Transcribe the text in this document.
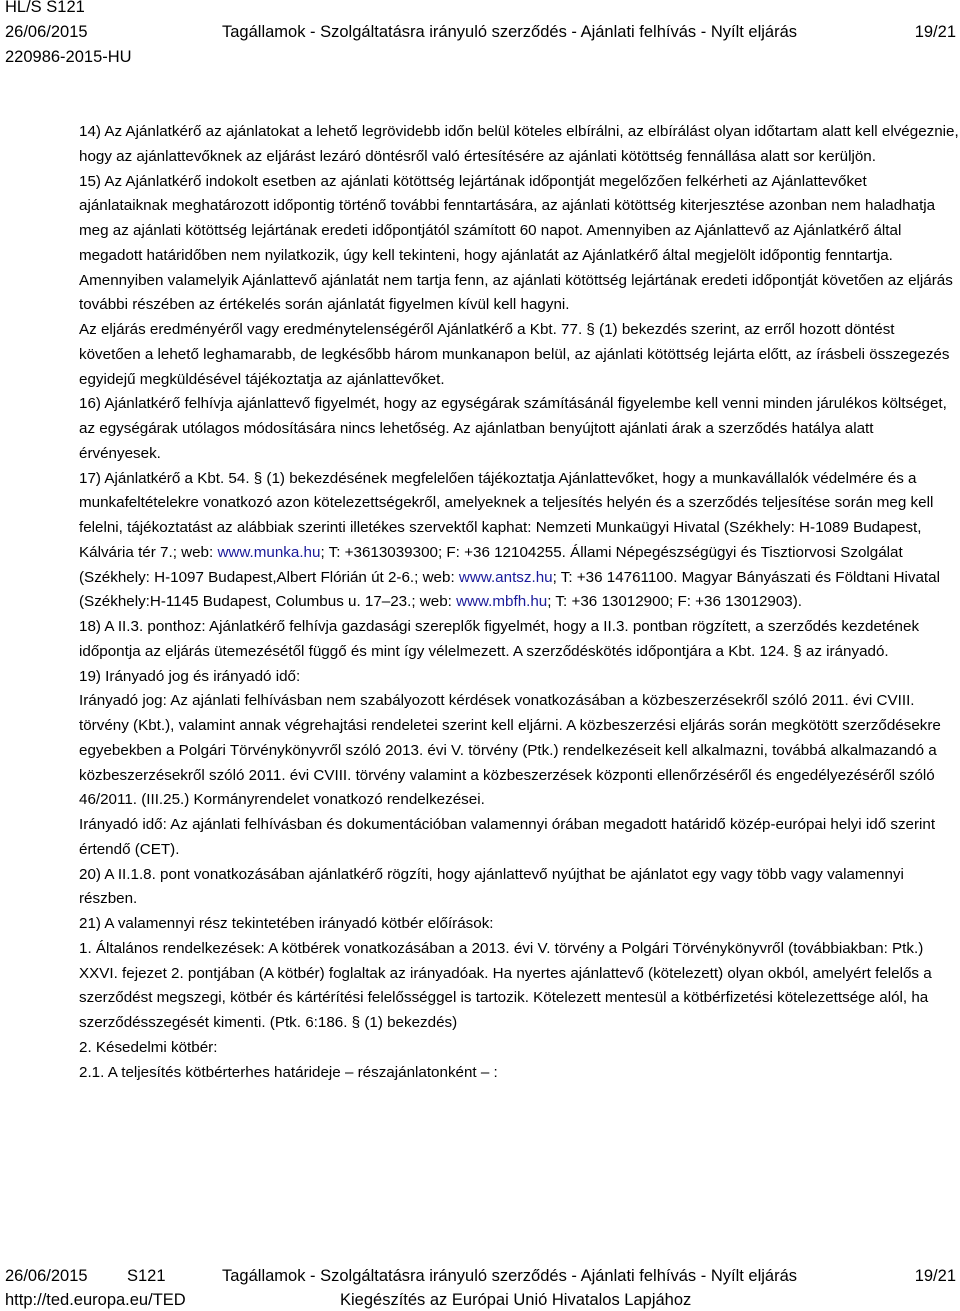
HL/S S121
26/06/2015	Tagállamok - Szolgáltatásra irányuló szerződés - Ajánlati felhívás - Nyílt eljárás	19/21
220986-2015-HU

14) Az Ajánlatkérő az ajánlatokat a lehető legrövidebb időn belül köteles elbírálni, az elbírálást olyan időtartam alatt kell elvégeznie, hogy az ajánlattevőknek az eljárást lezáró döntésről való értesítésére az ajánlati kötöttség fennállása alatt sor kerüljön.

15) Az Ajánlatkérő indokolt esetben az ajánlati kötöttség lejártának időpontját megelőzően felkérheti az Ajánlattevőket ajánlataiknak meghatározott időpontig történő további fenntartására, az ajánlati kötöttség kiterjesztése azonban nem haladhatja meg az ajánlati kötöttség lejártának eredeti időpontjától számított 60 napot. Amennyiben az Ajánlattevő az Ajánlatkérő által megadott határidőben nem nyilatkozik, úgy kell tekinteni, hogy ajánlatát az Ajánlatkérő által megjelölt időpontig fenntartja. Amennyiben valamelyik Ajánlattevő ajánlatát nem tartja fenn, az ajánlati kötöttség lejártának eredeti időpontját követően az eljárás további részében az értékelés során ajánlatát figyelmen kívül kell hagyni.

Az eljárás eredményéről vagy eredménytelenségéről Ajánlatkérő a Kbt. 77. § (1) bekezdés szerint, az erről hozott döntést követően a lehető leghamarabb, de legkésőbb három munkanapon belül, az ajánlati kötöttség lejárta előtt, az írásbeli összegezés egyidejű megküldésével tájékoztatja az ajánlattevőket.

16) Ajánlatkérő felhívja ajánlattevő figyelmét, hogy az egységárak számításánál figyelembe kell venni minden járulékos költséget, az egységárak utólagos módosítására nincs lehetőség. Az ajánlatban benyújtott ajánlati árak a szerződés hatálya alatt érvényesek.

17) Ajánlatkérő a Kbt. 54. § (1) bekezdésének megfelelően tájékoztatja Ajánlattevőket, hogy a munkavállalók védelmére és a munkafeltételekre vonatkozó azon kötelezettségekről, amelyeknek a teljesítés helyén és a szerződés teljesítése során meg kell felelni, tájékoztatást az alábbiak szerinti illetékes szervektől kaphat: Nemzeti Munkaügyi Hivatal (Székhely: H-1089 Budapest, Kálvária tér 7.; web: www.munka.hu; T: +3613039300; F: +36 12104255. Állami Népegészségügyi és Tisztiorvosi Szolgálat (Székhely: H-1097 Budapest,Albert Flórián út 2-6.; web: www.antsz.hu; T: +36 14761100. Magyar Bányászati és Földtani Hivatal (Székhely:H-1145 Budapest, Columbus u. 17–23.; web: www.mbfh.hu; T: +36 13012900; F: +36 13012903).

18) A II.3. ponthoz: Ajánlatkérő felhívja gazdasági szereplők figyelmét, hogy a II.3. pontban rögzített, a szerződés kezdetének időpontja az eljárás ütemezésétől függő és mint így vélelmezett. A szerződéskötés időpontjára a Kbt. 124. § az irányadó.

19) Irányadó jog és irányadó idő:

Irányadó jog: Az ajánlati felhívásban nem szabályozott kérdések vonatkozásában a közbeszerzésekről szóló 2011. évi CVIII. törvény (Kbt.), valamint annak végrehajtási rendeletei szerint kell eljárni. A közbeszerzési eljárás során megkötött szerződésekre egyebekben a Polgári Törvénykönyvről szóló 2013. évi V. törvény (Ptk.) rendelkezéseit kell alkalmazni, továbbá alkalmazandó a közbeszerzésekről szóló 2011. évi CVIII. törvény valamint a közbeszerzések központi ellenőrzéséről és engedélyezéséről szóló 46/2011. (III.25.) Kormányrendelet vonatkozó rendelkezései.

Irányadó idő: Az ajánlati felhívásban és dokumentációban valamennyi órában megadott határidő közép-európai helyi idő szerint értendő (CET).

20) A II.1.8. pont vonatkozásában ajánlatkérő rögzíti, hogy ajánlattevő nyújthat be ajánlatot egy vagy több vagy valamennyi részben.

21) A valamennyi rész tekintetében irányadó kötbér előírások:

1. Általános rendelkezések: A kötbérek vonatkozásában a 2013. évi V. törvény a Polgári Törvénykönyvről (továbbiakban: Ptk.) XXVI. fejezet 2. pontjában (A kötbér) foglaltak az irányadóak. Ha nyertes ajánlattevő (kötelezett) olyan okból, amelyért felelős a szerződést megszegi, kötbér és kártérítési felelősséggel is tartozik. Kötelezett mentesül a kötbérfizetési kötelezettsége alól, ha szerződésszegését kimenti. (Ptk. 6:186. § (1) bekezdés)

2. Késedelmi kötbér:

2.1. A teljesítés kötbérterhes határideje – részajánlatonként – :

26/06/2015 S121	Tagállamok - Szolgáltatásra irányuló szerződés - Ajánlati felhívás - Nyílt eljárás	19/21
http://ted.europa.eu/TED	Kiegészítés az Európai Unió Hivatalos Lapjához
